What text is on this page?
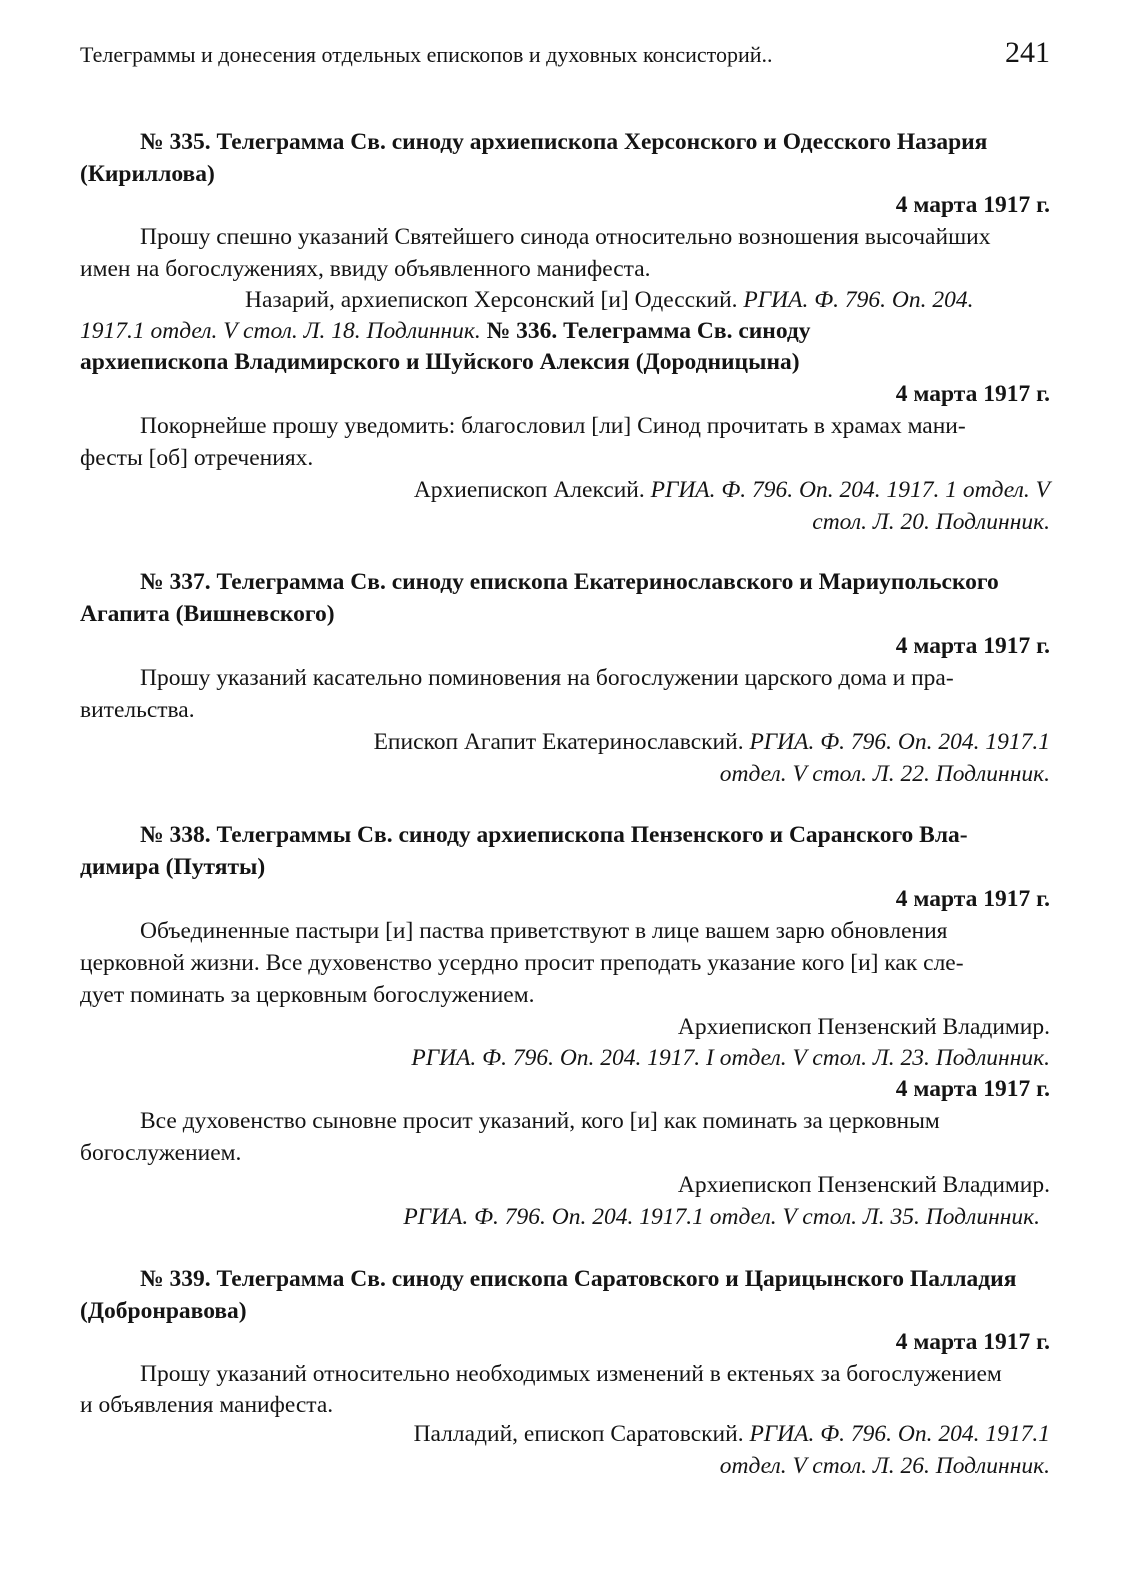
Телеграммы и донесения отдельных епископов и духовных консисторий..	241
№ 335. Телеграмма Св. синоду архиепископа Херсонского и Одесского Назария
(Кириллова)
4 марта 1917 г.
Прошу спешно указаний Святейшего синода относительно возношения высочайших
имен на богослужениях, ввиду объявленного манифеста.
Назарий, архиепископ Херсонский [и] Одесский. РГИА. Ф. 796. Оп. 204.
1917.1 отдел. V стол. Л. 18. Подлинник. № 336. Телеграмма Св. синоду
архиепископа Владимирского и Шуйского Алексия (Дородницына)
4 марта 1917 г.
Покорнейше прошу уведомить: благословил [ли] Синод прочитать в храмах мани-
фесты [об] отречениях.
Архиепископ Алексий. РГИА. Ф. 796. Оп. 204. 1917. 1 отдел. V
стол. Л. 20. Подлинник.
№ 337. Телеграмма Св. синоду епископа Екатеринославского и Мариупольского
Агапита (Вишневского)
4 марта 1917 г.
Прошу указаний касательно поминовения на богослужении царского дома и пра-
вительства.
Епископ Агапит Екатеринославский. РГИА. Ф. 796. Оп. 204. 1917.1
отдел. V стол. Л. 22. Подлинник.
№ 338. Телеграммы Св. синоду архиепископа Пензенского и Саранского Вла-
димира (Путяты)
4 марта 1917 г.
Объединенные пастыри [и] паства приветствуют в лице вашем зарю обновления
церковной жизни. Все духовенство усердно просит преподать указание кого [и] как сле-
дует поминать за церковным богослужением.
Архиепископ Пензенский Владимир.
РГИА. Ф. 796. Оп. 204. 1917. I отдел. V стол. Л. 23. Подлинник.
4 марта 1917 г.
Все духовенство сыновне просит указаний, кого [и] как поминать за церковным
богослужением.
Архиепископ Пензенский Владимир.
РГИА. Ф. 796. Оп. 204. 1917.1 отдел. V стол. Л. 35. Подлинник.
№ 339. Телеграмма Св. синоду епископа Саратовского и Царицынского Палладия
(Добронравова)
4 марта 1917 г.
Прошу указаний относительно необходимых изменений в ектеньях за богослужением
и объявления манифеста.
Палладий, епископ Саратовский. РГИА. Ф. 796. Оп. 204. 1917.1
отдел. V стол. Л. 26. Подлинник.
